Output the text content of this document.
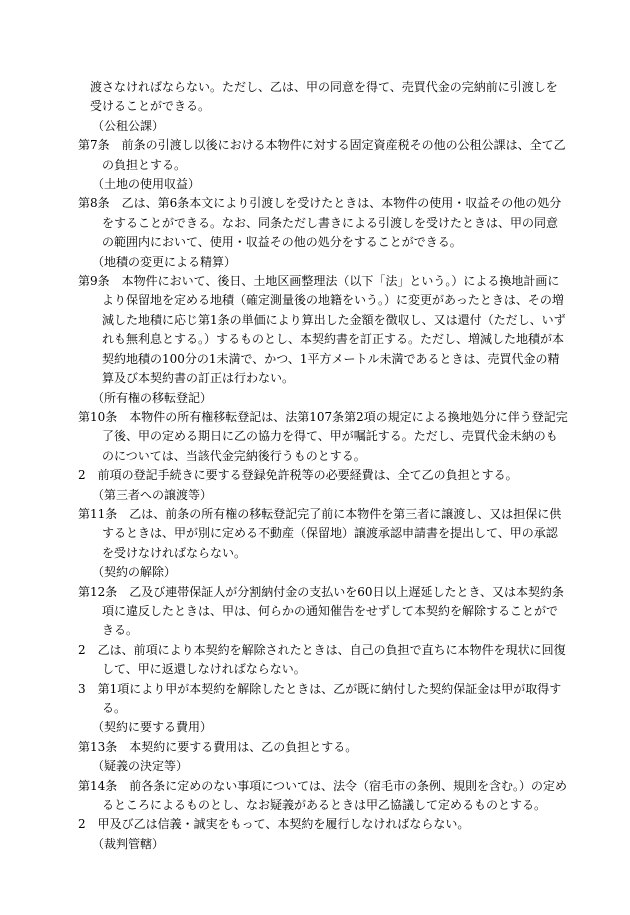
渡さなければならない。ただし、乙は、甲の同意を得て、売買代金の完納前に引渡しを受けることができる。

（公租公課）

第7条　前条の引渡し以後における本物件に対する固定資産税その他の公租公課は、全て乙の負担とする。

（土地の使用収益）

第8条　乙は、第6条本文により引渡しを受けたときは、本物件の使用・収益その他の処分をすることができる。なお、同条ただし書きによる引渡しを受けたときは、甲の同意の範囲内において、使用・収益その他の処分をすることができる。

（地積の変更による精算）

第9条　本物件において、後日、土地区画整理法（以下「法」という。）による換地計画により保留地を定める地積（確定測量後の地籍をいう。）に変更があったときは、その増減した地積に応じ第1条の単価により算出した金額を徴収し、又は還付（ただし、いずれも無利息とする。）するものとし、本契約書を訂正する。ただし、増減した地積が本契約地積の100分の1未満で、かつ、1平方メートル未満であるときは、売買代金の精算及び本契約書の訂正は行わない。

（所有権の移転登記）

第10条　本物件の所有権移転登記は、法第107条第2項の規定による換地処分に伴う登記完了後、甲の定める期日に乙の協力を得て、甲が嘱託する。ただし、売買代金未納のものについては、当該代金完納後行うものとする。

2　前項の登記手続きに要する登録免許税等の必要経費は、全て乙の負担とする。

（第三者への譲渡等）

第11条　乙は、前条の所有権の移転登記完了前に本物件を第三者に譲渡し、又は担保に供するときは、甲が別に定める不動産（保留地）譲渡承認申請書を提出して、甲の承認を受けなければならない。

（契約の解除）

第12条　乙及び連帯保証人が分割納付金の支払いを60日以上遅延したとき、又は本契約条項に違反したときは、甲は、何らかの通知催告をせずして本契約を解除することができる。

2　乙は、前項により本契約を解除されたときは、自己の負担で直ちに本物件を現状に回復して、甲に返還しなければならない。

3　第1項により甲が本契約を解除したときは、乙が既に納付した契約保証金は甲が取得する。

（契約に要する費用）

第13条　本契約に要する費用は、乙の負担とする。

（疑義の決定等）

第14条　前各条に定めのない事項については、法令（宿毛市の条例、規則を含む。）の定めるところによるものとし、なお疑義があるときは甲乙協議して定めるものとする。

2　甲及び乙は信義・誠実をもって、本契約を履行しなければならない。

（裁判管轄）
